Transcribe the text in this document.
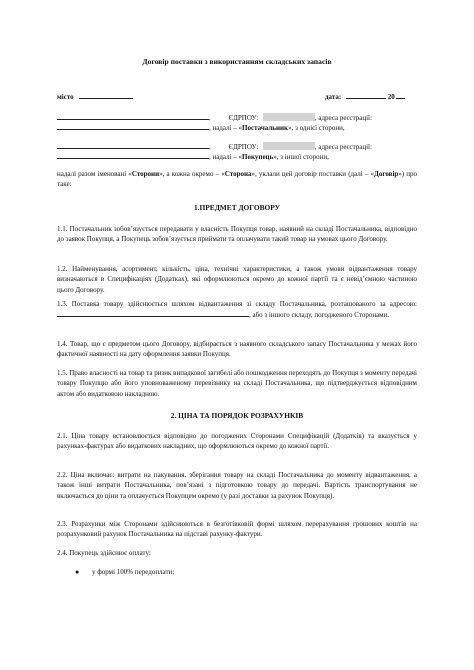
Договір поставки з використанням складських запасів
місто	дата:	20
,	ЄДРПОУ:	, адреса реєстрації:
, надалі – «Постачальник», з однієї сторони,
,	ЄДРПОУ:	, адреса реєстрації:
, надалі – «Покупець», з іншої сторони,
надалі разом іменовані «Сторони», а кожна окремо – «Сторона», уклали цей договір поставки (далі – «Договір») про таке:
1.ПРЕДМЕТ ДОГОВОРУ
1.1. Постачальник зобов’язується передавати у власність Покупця товар, наявний на складі Постачальника, відповідно до заявок Покупця, а Покупець зобов’язується приймати та оплачувати такий товар на умовах цього Договору.
1.2. Найменування, асортимент, кількість, ціна, технічні характеристики, а також умови відвантаження товару визначаються в Специфікаціях (Додатках), які оформлюються окремо до кожної партії та є невід’ємною частиною цього Договору.
1.3. Поставка товару здійснюється шляхом відвантаження зі складу Постачальника, розташованого за адресою: , або з іншого складу, погодженого Сторонами.
1.4. Товар, що є предметом цього Договору, відбирається з наявного складського запасу Постачальника у межах його фактичної наявності на дату оформлення заявки Покупця.
1.5. Право власності на товар та ризик випадкової загибелі або пошкодження переходять до Покупця з моменту передачі товару Покупцю або його уповноваженому перевізнику на складі Постачальника, що підтверджується відповідним актом або видатковою накладною.
2. ЦІНА ТА ПОРЯДОК РОЗРАХУНКІВ
2.1. Ціна товару встановлюється відповідно до погоджених Сторонами Специфікацій (Додатків) та вказується у рахунках-фактурах або видаткових накладних, що оформлюються окремо до кожної партії.
2.2. Ціна включає: витрати на пакування, зберігання товару на складі Постачальника до моменту відвантаження, а також інші витрати Постачальника, пов’язані з підготовкою товару до передачі. Вартість транспортування не включається до ціни та оплачується Покупцем окремо (у разі доставки за рахунок Покупця).
2.3. Розрахунки між Сторонами здійснюються в безготівковій формі шляхом перерахування грошових коштів на розрахунковий рахунок Постачальника на підставі рахунку-фактури.
2.4. Покупець здійснює оплату:
● у формі 100% передоплати;
